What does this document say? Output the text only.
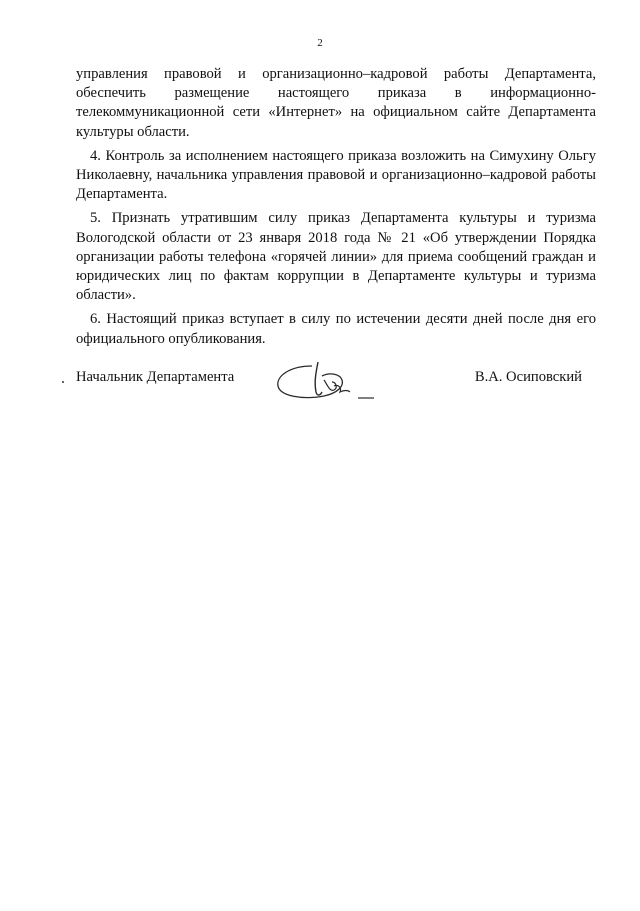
2

управления правовой и организационно–кадровой работы Департамента, обеспечить размещение настоящего приказа в информационно-телекоммуникационной сети «Интернет» на официальном сайте Департамента культуры области.

4. Контроль за исполнением настоящего приказа возложить на Симухину Ольгу Николаевну, начальника управления правовой и организационно–кадровой работы Департамента.

5. Признать утратившим силу приказ Департамента культуры и туризма Вологодской области от 23 января 2018 года № 21 «Об утверждении Порядка организации работы телефона «горячей линии» для приема сообщений граждан и юридических лиц по фактам коррупции в Департаменте культуры и туризма области».

6. Настоящий приказ вступает в силу по истечении десяти дней после дня его официального опубликования.

Начальник Департамента	В.А. Осиповский
